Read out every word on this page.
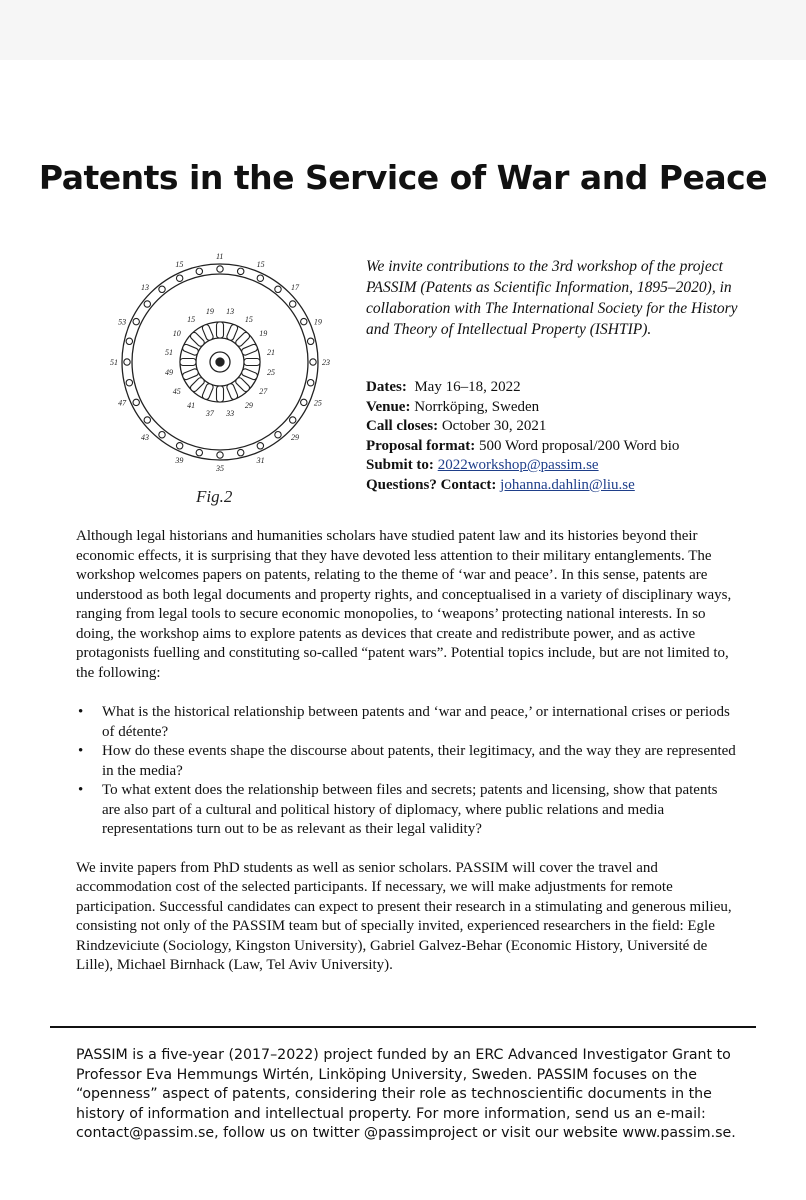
Patents in the Service of War and Peace
11
13
15
15
17
19
19
21
23
25
25
27
29
29
31
33
35
37
39
41
43
45
47
49
51
51
53
10
13
15
15
19
Fig.2
We invite contributions to the 3rd workshop of the project PASSIM (Patents as Scientific Information, 1895–2020), in collaboration with The International Society for the History and Theory of Intellectual Property (ISHTIP).
Dates: May 16–18, 2022
Venue: Norrköping, Sweden
Call closes: October 30, 2021
Proposal format: 500 Word proposal/200 Word bio
Submit to: 2022workshop@passim.se
Questions? Contact: johanna.dahlin@liu.se

Although legal historians and humanities scholars have studied patent law and its histories beyond their economic effects, it is surprising that they have devoted less attention to their military entanglements. The workshop welcomes papers on patents, relating to the theme of ‘war and peace’. In this sense, patents are understood as both legal documents and property rights, and conceptualised in a variety of disciplinary ways, ranging from legal tools to secure economic monopolies, to ‘weapons’ protecting national interests. In so doing, the workshop aims to explore patents as devices that create and redistribute power, and as active protagonists fuelling and constituting so-called “patent wars”. Potential topics include, but are not limited to, the following:

• What is the historical relationship between patents and ‘war and peace,’ or international crises or periods of détente?
• How do these events shape the discourse about patents, their legitimacy, and the way they are represented in the media?
• To what extent does the relationship between files and secrets; patents and licensing, show that patents are also part of a cultural and political history of diplomacy, where public relations and media representations turn out to be as relevant as their legal validity?

We invite papers from PhD students as well as senior scholars. PASSIM will cover the travel and accommodation cost of the selected participants. If necessary, we will make adjustments for remote participation. Successful candidates can expect to present their research in a stimulating and generous milieu, consisting not only of the PASSIM team but of specially invited, experienced researchers in the field: Egle Rindzeviciute (Sociology, Kingston University), Gabriel Galvez-Behar (Economic History, Université de Lille), Michael Birnhack (Law, Tel Aviv University).

PASSIM is a five-year (2017–2022) project funded by an ERC Advanced Investigator Grant to Professor Eva Hemmungs Wirtén, Linköping University, Sweden. PASSIM focuses on the “openness” aspect of patents, considering their role as technoscientific documents in the history of information and intellectual property. For more information, send us an e-mail: contact@passim.se, follow us on twitter @passimproject or visit our website www.passim.se.
